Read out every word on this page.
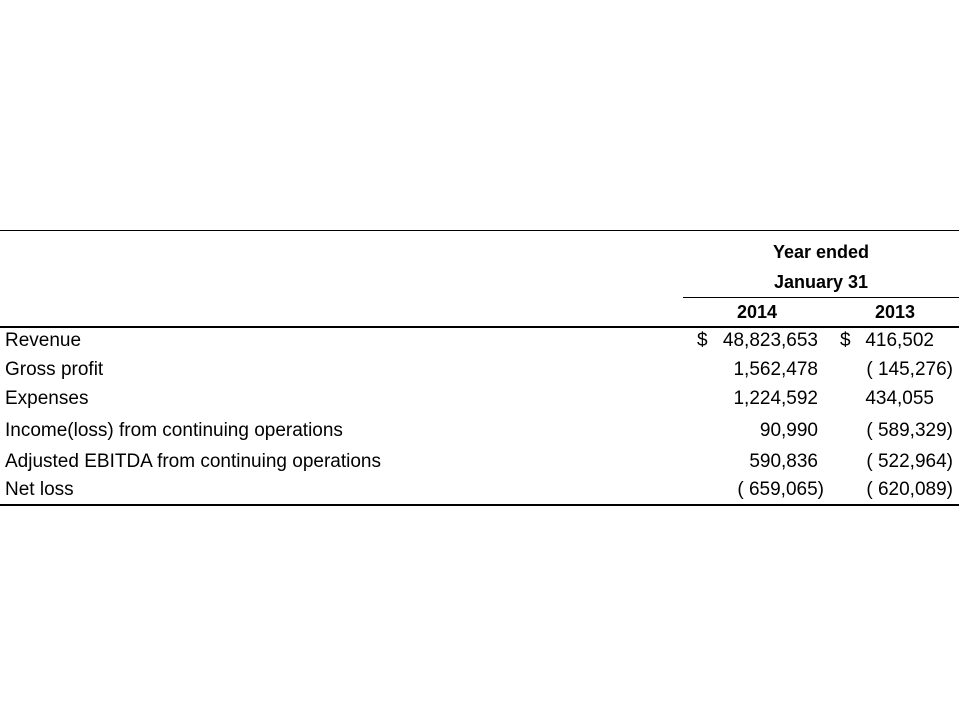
Year ended
January 31
2014	2013
Revenue	$ 48,823,653 $ 416,502
Gross profit	1,562,478	( 145,276)
Expenses	1,224,592 434,055
Income(loss) from continuing operations	90,990	( 589,329)
Adjusted EBITDA from continuing operations	590,836	( 522,964)
Net loss	( 659,065) ( 620,089)
